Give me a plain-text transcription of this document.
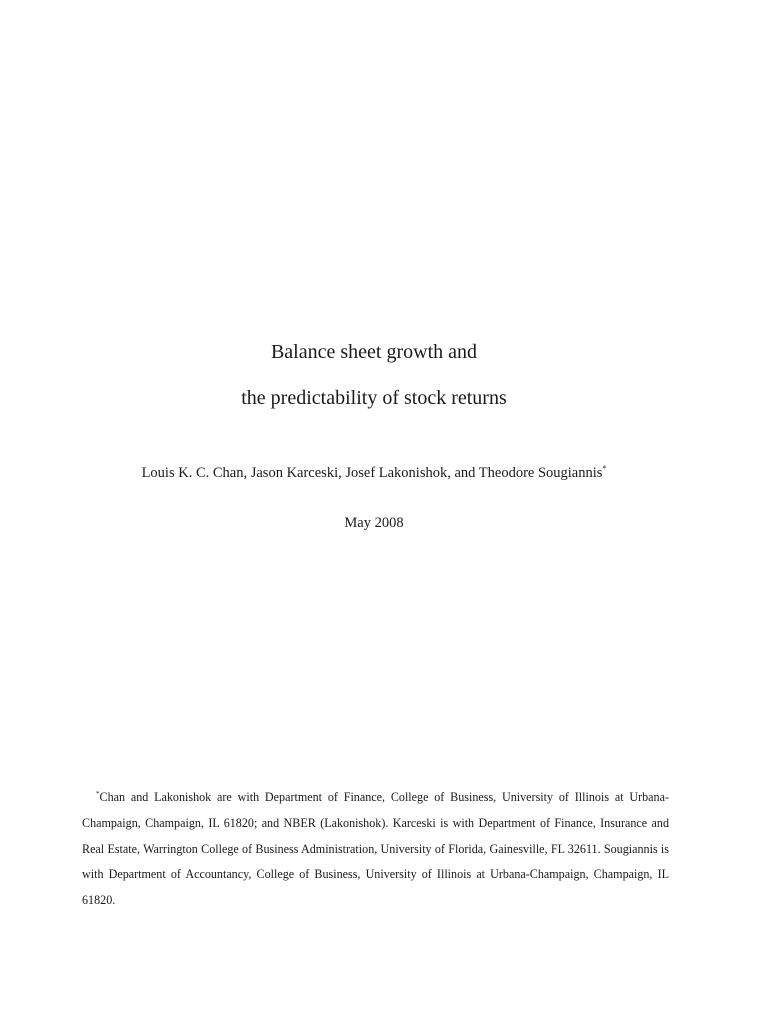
Balance sheet growth and
the predictability of stock returns
Louis K. C. Chan, Jason Karceski, Josef Lakonishok, and Theodore Sougiannis*
May 2008

*Chan and Lakonishok are with Department of Finance, College of Business, University of Illinois at Urbana-Champaign, Champaign, IL 61820; and NBER (Lakonishok). Karceski is with Department of Finance, Insurance and Real Estate, Warrington College of Business Administration, University of Florida, Gainesville, FL 32611. Sougiannis is with Department of Accountancy, College of Business, University of Illinois at Urbana-Champaign, Champaign, IL 61820.
